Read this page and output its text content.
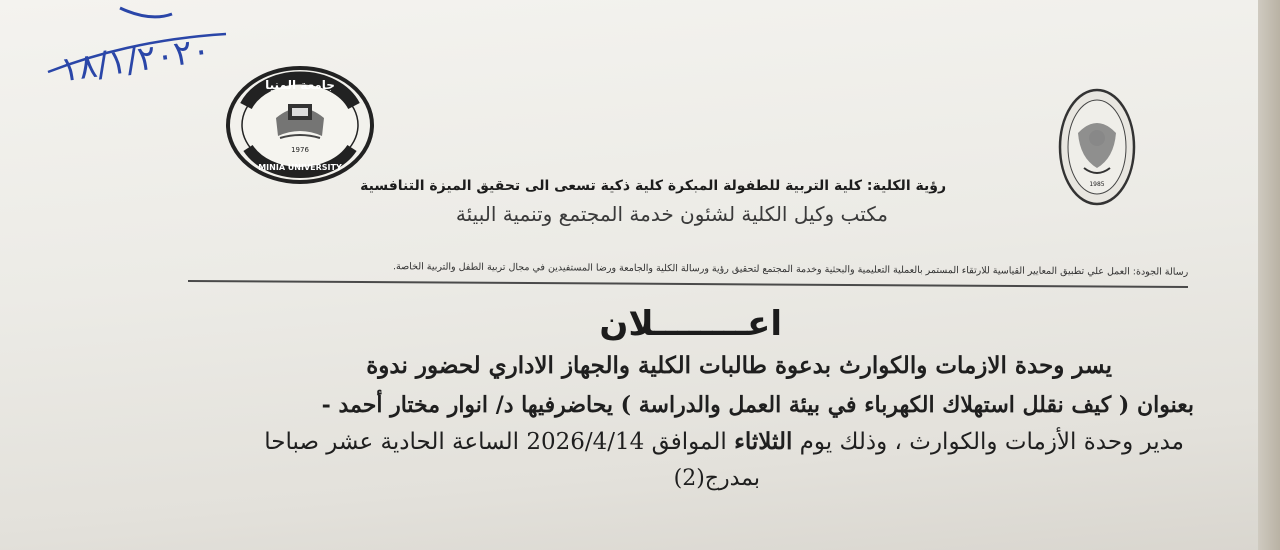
١٨/١/٢٠٢٠	جامعة المنيا
MINIA UNIVERSITY
1976
1985
رؤية الكلية: كلية التربية للطفولة المبكرة كلية ذكية تسعى الى تحقيق الميزة التنافسية
مكتب وكيل الكلية لشئون خدمة المجتمع وتنمية البيئة
رسالة الجودة: العمل علي تطبيق المعايير القياسية للارتقاء المستمر بالعملية التعليمية والبحثية وخدمة المجتمع لتحقيق رؤية ورسالة الكلية والجامعة ورضا المستفيدين في مجال تربية الطفل والتربية الخاصة.
اعــــــــلان
يسر وحدة الازمات والكوارث بدعوة طالبات الكلية والجهاز الاداري لحضور ندوة
بعنوان ( كيف نقلل استهلاك الكهرباء في بيئة العمل والدراسة ) يحاضرفيها د/ انوار مختار أحمد -
مدير وحدة الأزمات والكوارث ، وذلك يوم الثلاثاء الموافق 2026/4/14 الساعة الحادية عشر صباحا
بمدرج(2)
